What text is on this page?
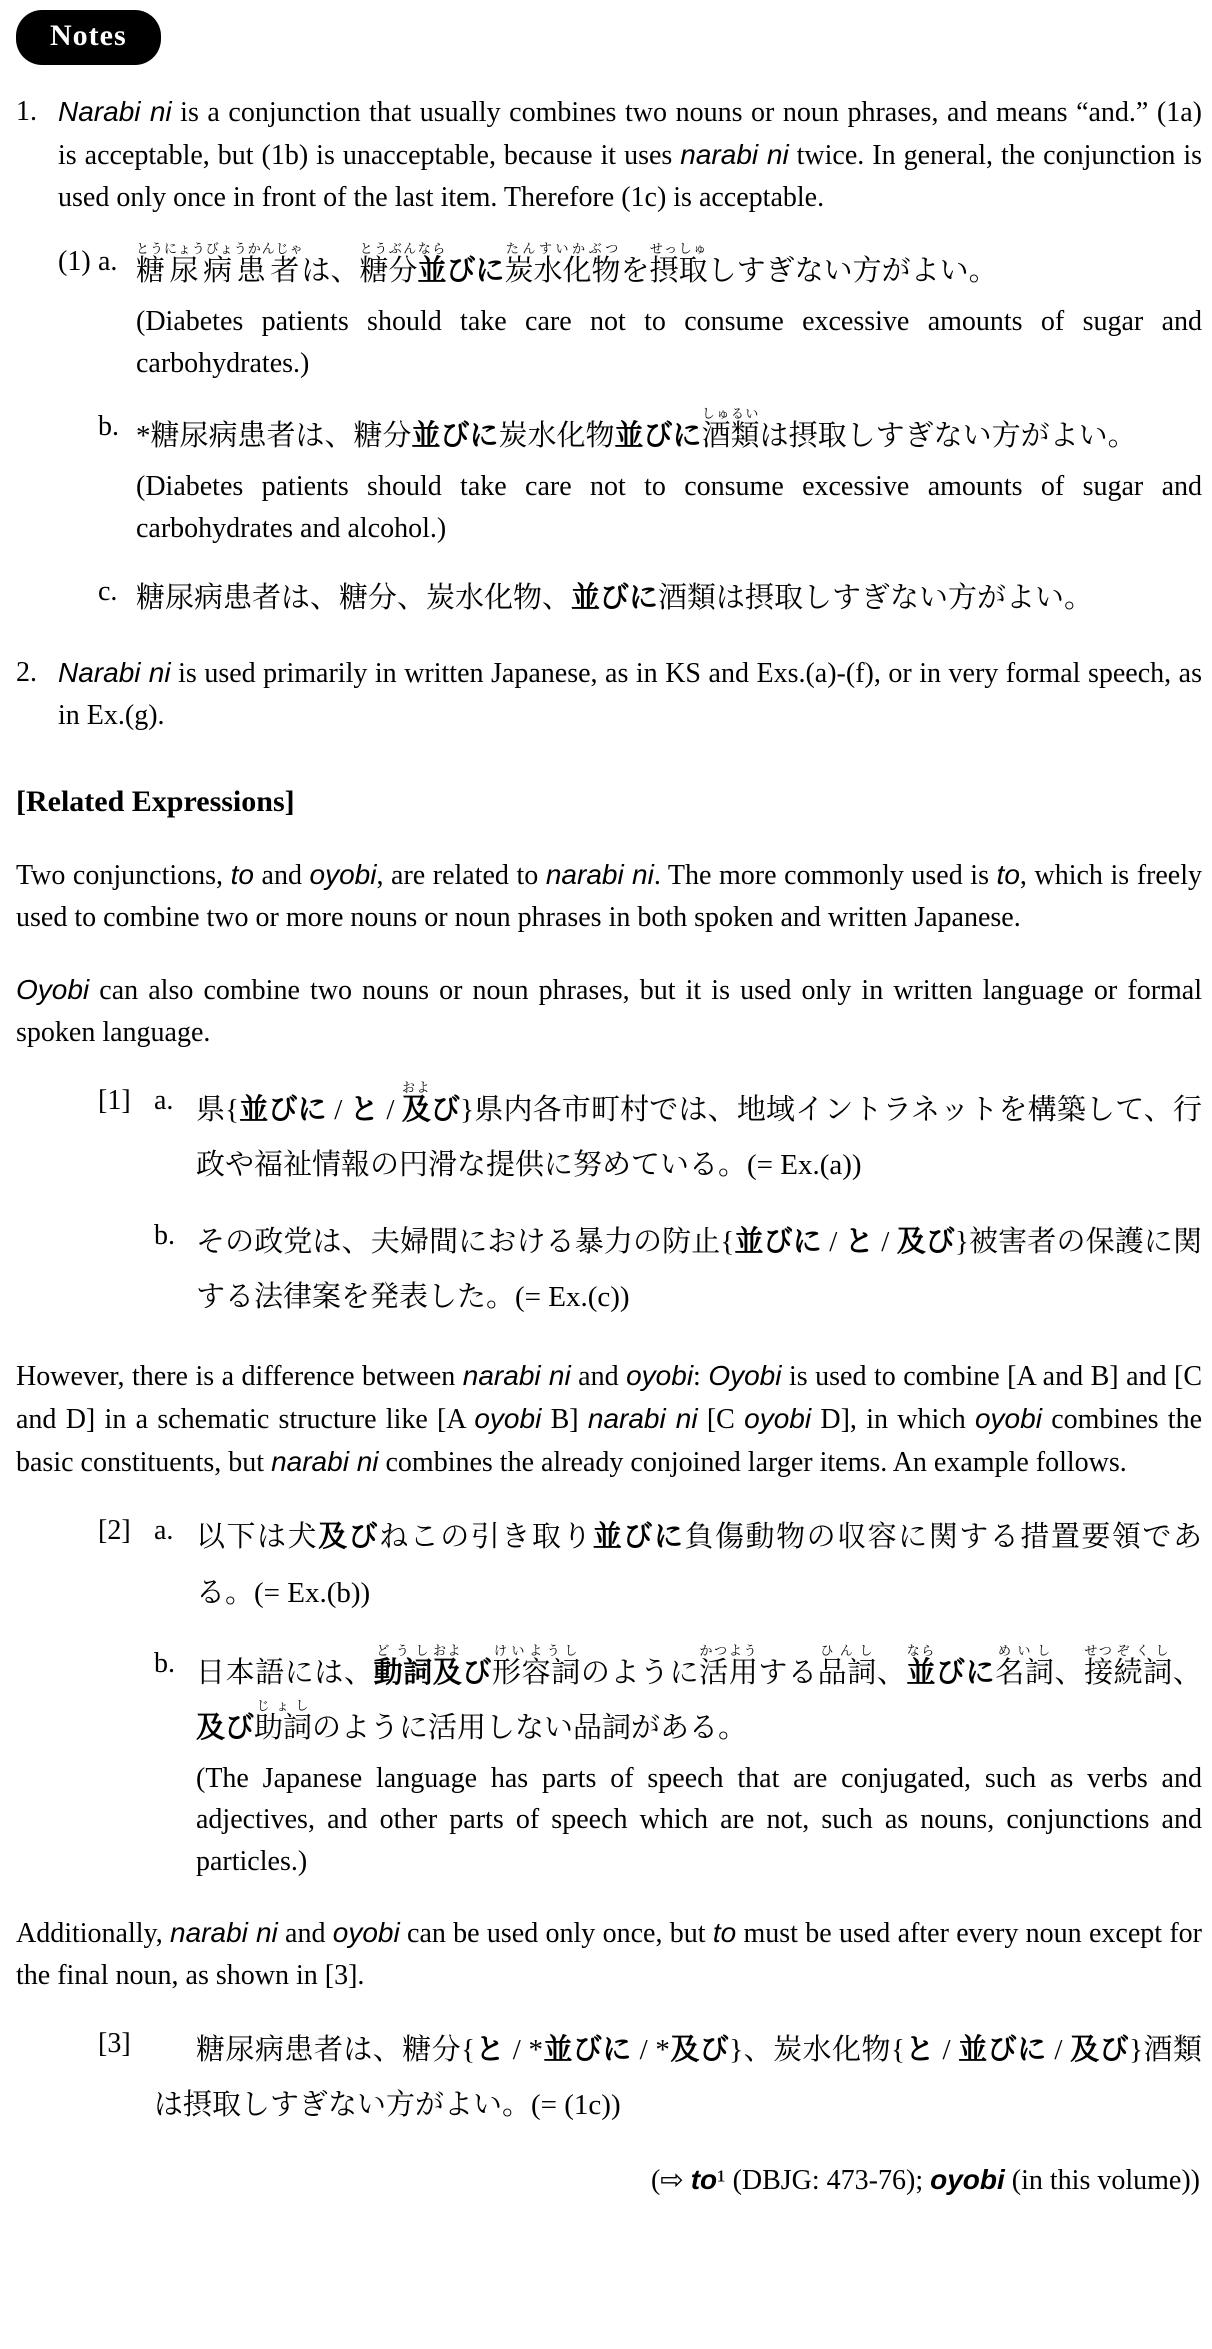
Notes
1. Narabi ni is a conjunction that usually combines two nouns or noun phrases, and means “and.” (1a) is acceptable, but (1b) is unacceptable, because it uses narabi ni twice. In general, the conjunction is used only once in front of the last item. Therefore (1c) is acceptable.

(1) a. 糖尿病患者とうにょうびょうかんじゃは、糖分とうぶん並ならびに炭水化物たんすいかぶつを摂取せっしゅしすぎない方がよい。

(Diabetes patients should take care not to consume excessive amounts of sugar and carbohydrates.)

b. *糖尿病患者は、糖分並びに炭水化物並びに酒類しゅるいは摂取しすぎない方がよい。

(Diabetes patients should take care not to consume excessive amounts of sugar and carbohydrates and alcohol.)

c. 糖尿病患者は、糖分、炭水化物、並びに酒類は摂取しすぎない方がよい。

2. Narabi ni is used primarily in written Japanese, as in KS and Exs.(a)-(f), or in very formal speech, as in Ex.(g).

[Related Expressions]

Two conjunctions, to and oyobi, are related to narabi ni. The more commonly used is to, which is freely used to combine two or more nouns or noun phrases in both spoken and written Japanese.

Oyobi can also combine two nouns or noun phrases, but it is used only in written language or formal spoken language.

[1] a. 県{並びに / と / 及および}県内各市町村では、地域イントラネットを構築して、行政や福祉情報の円滑な提供に努めている。(= Ex.(a))

b. その政党は、夫婦間における暴力の防止{並びに / と / 及び}被害者の保護に関する法律案を発表した。(= Ex.(c))

However, there is a difference between narabi ni and oyobi: Oyobi is used to combine [A and B] and [C and D] in a schematic structure like [A oyobi B] narabi ni [C oyobi D], in which oyobi combines the basic constituents, but narabi ni combines the already conjoined larger items. An example follows.

[2] a. 以下は犬及びねこの引き取り並びに負傷動物の収容に関する措置要領である。(= Ex.(b))

b. 日本語には、動詞どうし及および形容詞けいようしのように活用かつようする品詞ひんし、並ならびに名詞めいし、接せつ続詞ぞくし、及び助詞じょしのように活用しない品詞がある。

(The Japanese language has parts of speech that are conjugated, such as verbs and adjectives, and other parts of speech which are not, such as nouns, conjunctions and particles.)

Additionally, narabi ni and oyobi can be used only once, but to must be used after every noun except for the final noun, as shown in [3].

[3]	糖尿病患者は、糖分{と / *並びに / *及び}、炭水化物{と / 並びに / 及び}酒類は摂取しすぎない方がよい。(= (1c))

(⇨ to¹ (DBJG: 473-76); oyobi (in this volume))
